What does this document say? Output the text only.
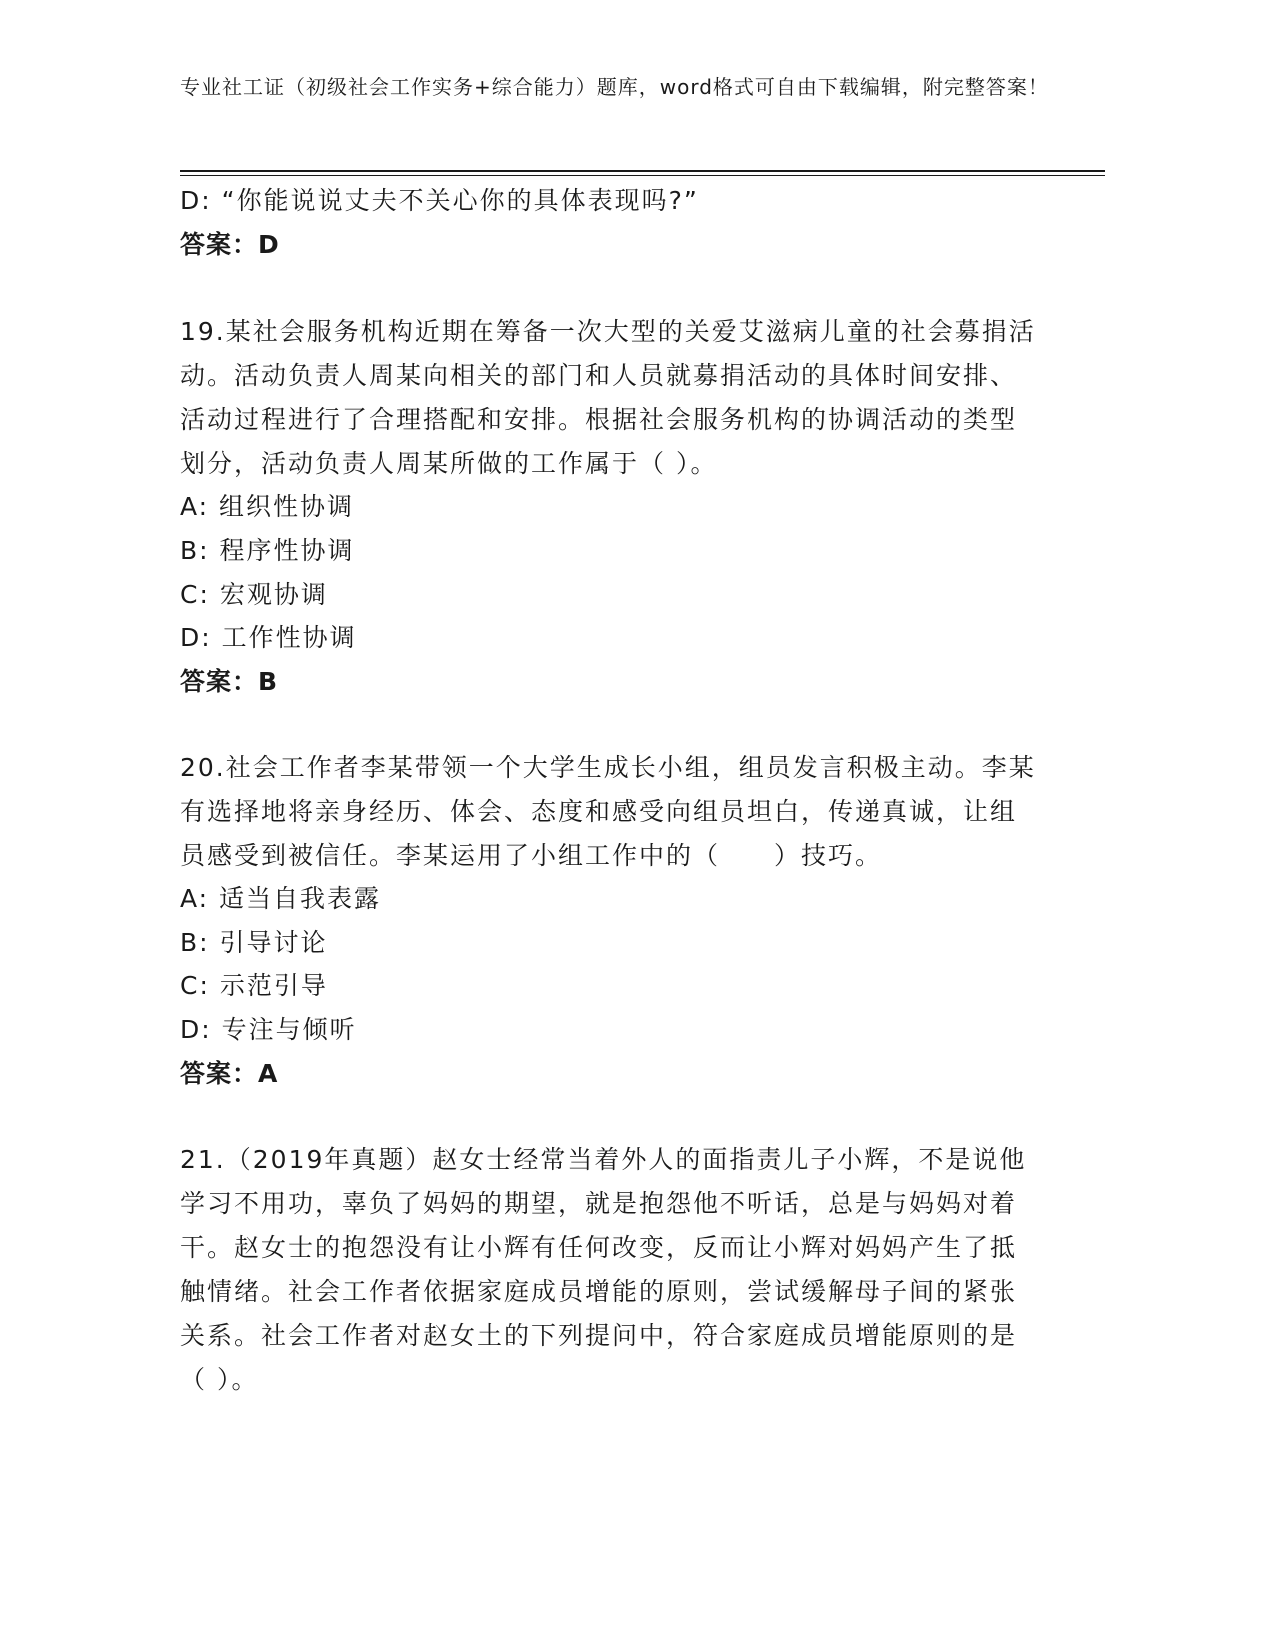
专业社工证（初级社会工作实务+综合能力）题库，word格式可自由下载编辑，附完整答案！
D: “你能说说丈夫不关心你的具体表现吗?”
答案：D
19.某社会服务机构近期在筹备一次大型的关爱艾滋病儿童的社会募捐活动。活动负责人周某向相关的部门和人员就募捐活动的具体时间安排、活动过程进行了合理搭配和安排。根据社会服务机构的协调活动的类型划分，活动负责人周某所做的工作属于（ ）。
A: 组织性协调
B: 程序性协调
C: 宏观协调
D: 工作性协调
答案：B
20.社会工作者李某带领一个大学生成长小组，组员发言积极主动。李某有选择地将亲身经历、体会、态度和感受向组员坦白，传递真诚，让组员感受到被信任。李某运用了小组工作中的（　　）技巧。
A: 适当自我表露
B: 引导讨论
C: 示范引导
D: 专注与倾听
答案：A
21.（2019年真题）赵女士经常当着外人的面指责儿子小辉，不是说他学习不用功，辜负了妈妈的期望，就是抱怨他不听话，总是与妈妈对着干。赵女士的抱怨没有让小辉有任何改变，反而让小辉对妈妈产生了抵触情绪。社会工作者依据家庭成员增能的原则，尝试缓解母子间的紧张关系。社会工作者对赵女土的下列提问中，符合家庭成员增能原则的是（ ）。
